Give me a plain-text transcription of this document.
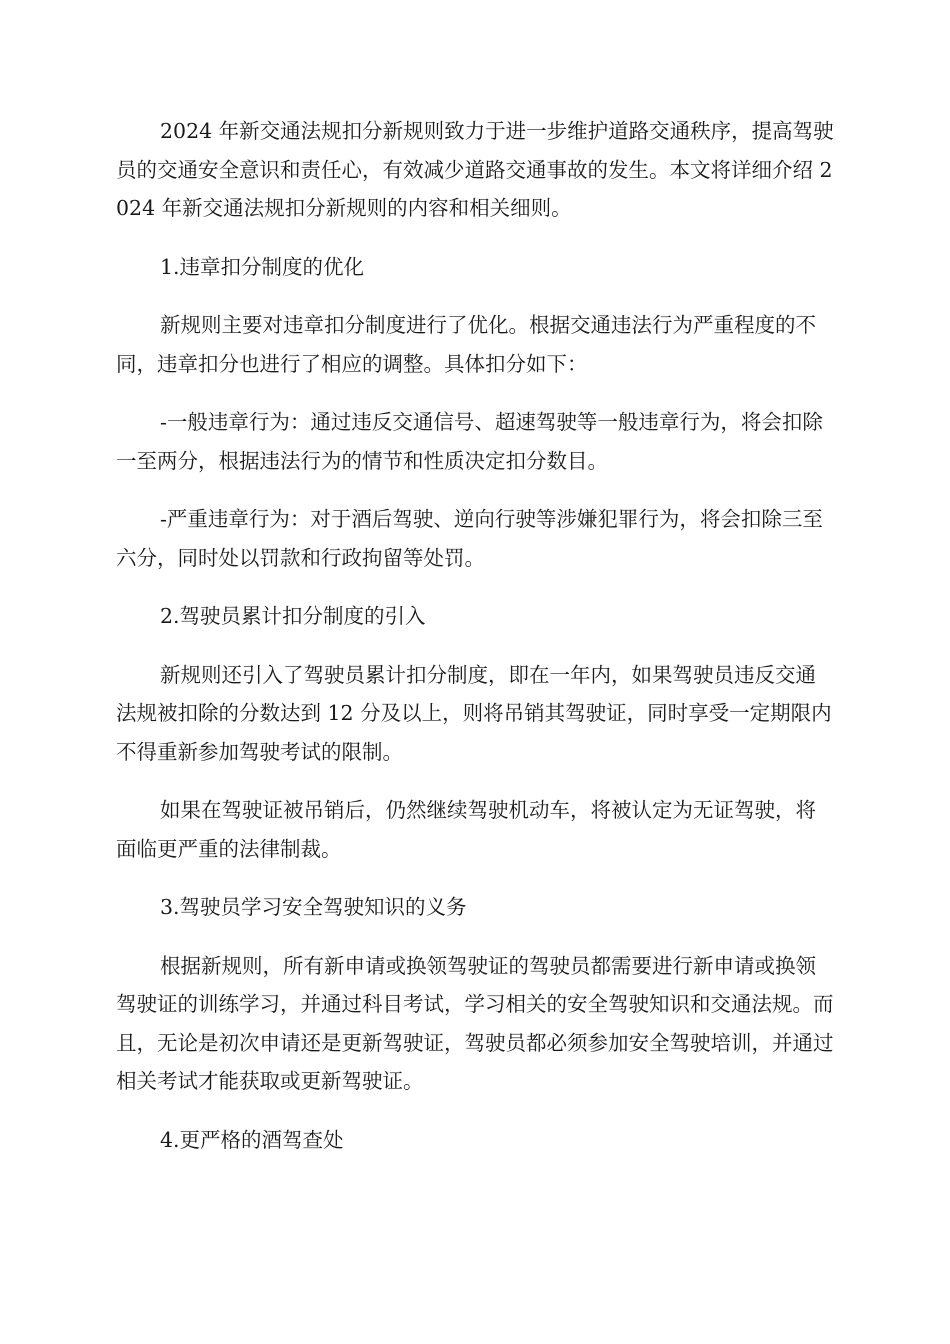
2024 年新交通法规扣分新规则致力于进一步维护道路交通秩序，提高驾驶员的交通安全意识和责任心，有效减少道路交通事故的发生。本文将详细介绍 2024 年新交通法规扣分新规则的内容和相关细则。

1.违章扣分制度的优化

新规则主要对违章扣分制度进行了优化。根据交通违法行为严重程度的不同，违章扣分也进行了相应的调整。具体扣分如下：

-一般违章行为：通过违反交通信号、超速驾驶等一般违章行为，将会扣除一至两分，根据违法行为的情节和性质决定扣分数目。

-严重违章行为：对于酒后驾驶、逆向行驶等涉嫌犯罪行为，将会扣除三至六分，同时处以罚款和行政拘留等处罚。

2.驾驶员累计扣分制度的引入

新规则还引入了驾驶员累计扣分制度，即在一年内，如果驾驶员违反交通法规被扣除的分数达到 12 分及以上，则将吊销其驾驶证，同时享受一定期限内不得重新参加驾驶考试的限制。

如果在驾驶证被吊销后，仍然继续驾驶机动车，将被认定为无证驾驶，将面临更严重的法律制裁。

3.驾驶员学习安全驾驶知识的义务

根据新规则，所有新申请或换领驾驶证的驾驶员都需要进行新申请或换领驾驶证的训练学习，并通过科目考试，学习相关的安全驾驶知识和交通法规。而且，无论是初次申请还是更新驾驶证，驾驶员都必须参加安全驾驶培训，并通过相关考试才能获取或更新驾驶证。

4.更严格的酒驾查处
